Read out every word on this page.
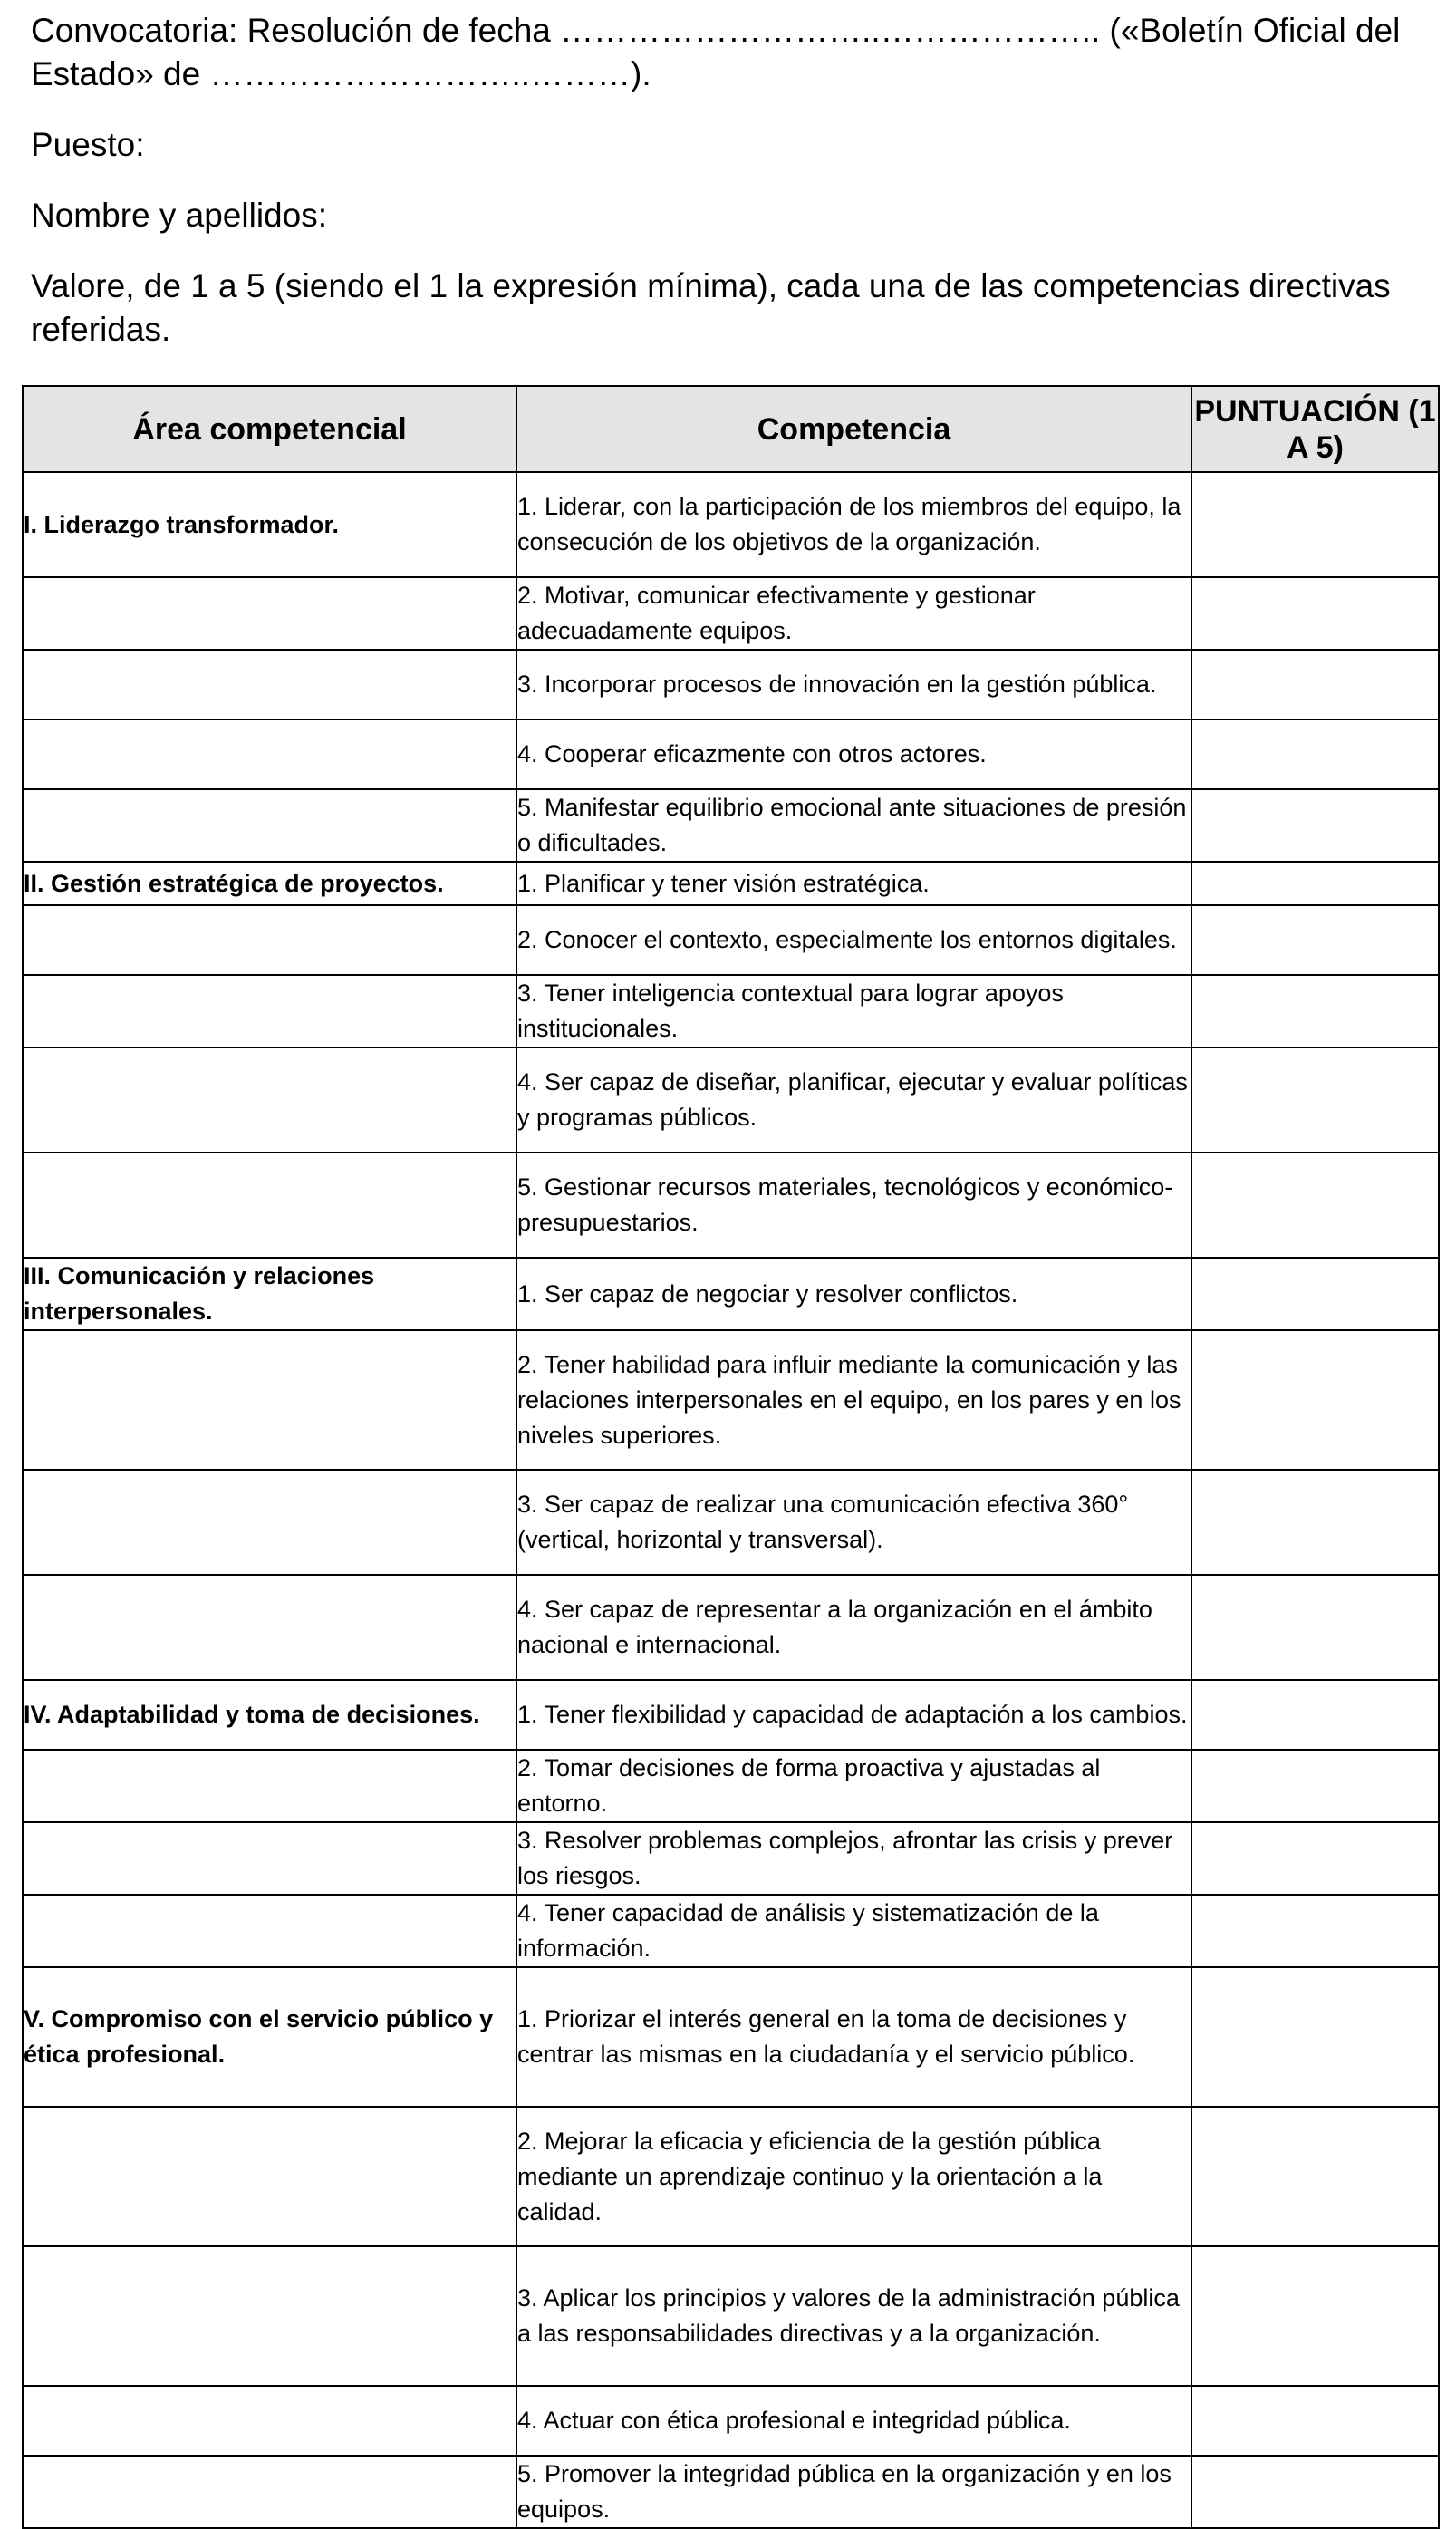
Convocatoria: Resolución de fecha ………………………..……………….. («Boletín Oficial del Estado» de ………………………..………).
Puesto:
Nombre y apellidos:
Valore, de 1 a 5 (siendo el 1 la expresión mínima), cada una de las competencias directivas referidas.
Área competencial	Competencia	PUNTUACIÓN (1 A 5)
I. Liderazgo transformador.	1. Liderar, con la participación de los miembros del equipo, la consecución de los objetivos de la organización.	
	2. Motivar, comunicar efectivamente y gestionar adecuadamente equipos.	
	3. Incorporar procesos de innovación en la gestión pública.	
	4. Cooperar eficazmente con otros actores.	
	5. Manifestar equilibrio emocional ante situaciones de presión o dificultades.	
II. Gestión estratégica de proyectos.	1. Planificar y tener visión estratégica.	
	2. Conocer el contexto, especialmente los entornos digitales.	
	3. Tener inteligencia contextual para lograr apoyos institucionales.	
	4. Ser capaz de diseñar, planificar, ejecutar y evaluar políticas y programas públicos.	
	5. Gestionar recursos materiales, tecnológicos y económico-presupuestarios.	
III. Comunicación y relaciones interpersonales.	1. Ser capaz de negociar y resolver conflictos.	
	2. Tener habilidad para influir mediante la comunicación y las relaciones interpersonales en el equipo, en los pares y en los niveles superiores.	
	3. Ser capaz de realizar una comunicación efectiva 360° (vertical, horizontal y transversal).	
	4. Ser capaz de representar a la organización en el ámbito nacional e internacional.	
IV. Adaptabilidad y toma de decisiones.	1. Tener flexibilidad y capacidad de adaptación a los cambios.	
	2. Tomar decisiones de forma proactiva y ajustadas al entorno.	
	3. Resolver problemas complejos, afrontar las crisis y prever los riesgos.	
	4. Tener capacidad de análisis y sistematización de la información.	
V. Compromiso con el servicio público y ética profesional.	1. Priorizar el interés general en la toma de decisiones y centrar las mismas en la ciudadanía y el servicio público.	
	2. Mejorar la eficacia y eficiencia de la gestión pública mediante un aprendizaje continuo y la orientación a la calidad.	
	3. Aplicar los principios y valores de la administración pública a las responsabilidades directivas y a la organización.	
	4. Actuar con ética profesional e integridad pública.	
	5. Promover la integridad pública en la organización y en los equipos.	
